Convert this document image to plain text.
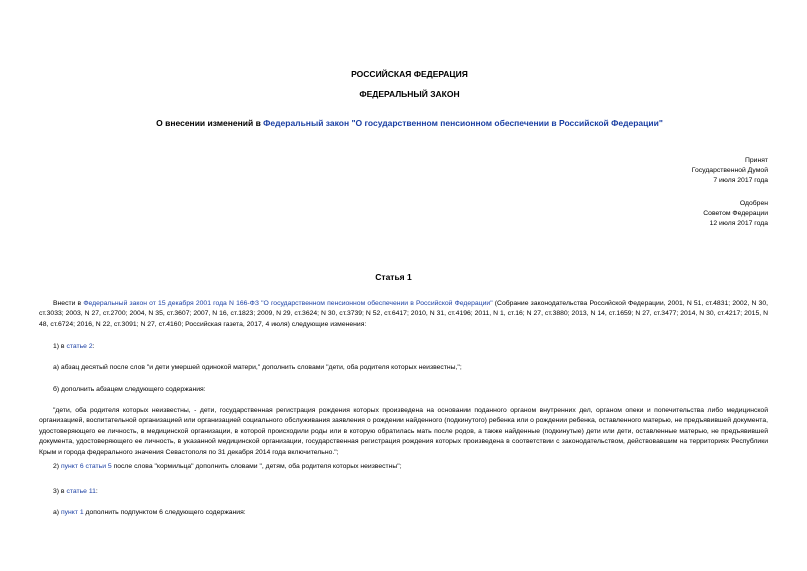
РОССИЙСКАЯ ФЕДЕРАЦИЯ
ФЕДЕРАЛЬНЫЙ ЗАКОН
О внесении изменений в Федеральный закон "О государственном пенсионном обеспечении в Российской Федерации"
Принят
Государственной Думой
7 июля 2017 года
Одобрен
Советом Федерации
12 июля 2017 года
Статья 1
Внести в Федеральный закон от 15 декабря 2001 года N 166-ФЗ "О государственном пенсионном обеспечении в Российской Федерации" (Собрание законодательства Российской Федерации, 2001, N 51, ст.4831; 2002, N 30, ст.3033; 2003, N 27, ст.2700; 2004, N 35, ст.3607; 2007, N 16, ст.1823; 2009, N 29, ст.3624; N 30, ст.3739; N 52, ст.6417; 2010, N 31, ст.4196; 2011, N 1, ст.16; N 27, ст.3880; 2013, N 14, ст.1659; N 27, ст.3477; 2014, N 30, ст.4217; 2015, N 48, ст.6724; 2016, N 22, ст.3091; N 27, ст.4160; Российская газета, 2017, 4 июля) следующие изменения:
1) в статье 2:
а) абзац десятый после слов "и дети умершей одинокой матери," дополнить словами "дети, оба родителя которых неизвестны,";
б) дополнить абзацем следующего содержания:
"дети, оба родителя которых неизвестны, - дети, государственная регистрация рождения которых произведена на основании поданного органом внутренних дел, органом опеки и попечительства либо медицинской организацией, воспитательной организацией или организацией социального обслуживания заявления о рождении найденного (подкинутого) ребенка или о рождении ребенка, оставленного матерью, не предъявившей документа, удостоверяющего ее личность, в медицинской организации, в которой происходили роды или в которую обратилась мать после родов, а также найденные (подкинутые) дети или дети, оставленные матерью, не предъявившей документа, удостоверяющего ее личность, в указанной медицинской организации, государственная регистрация рождения которых произведена в соответствии с законодательством, действовавшим на территориях Республики Крым и города федерального значения Севастополя по 31 декабря 2014 года включительно.";
2) пункт 6 статьи 5 после слова "кормильца" дополнить словами ", детям, оба родителя которых неизвестны";
3) в статье 11:
а) пункт 1 дополнить подпунктом 6 следующего содержания:
